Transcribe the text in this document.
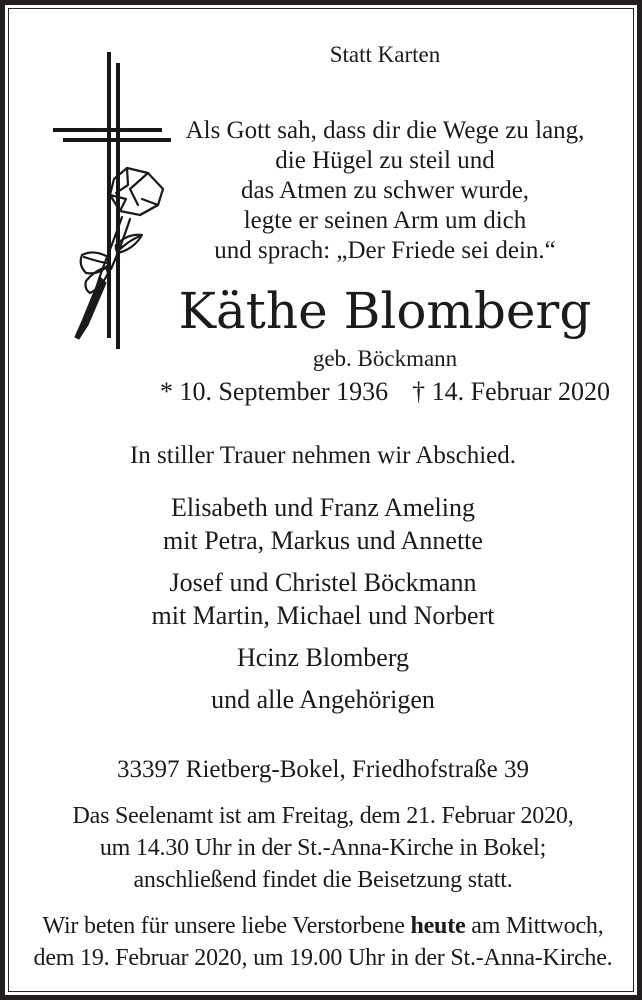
Statt Karten
Als Gott sah, dass dir die Wege zu lang,
die Hügel zu steil und
das Atmen zu schwer wurde,
legte er seinen Arm um dich
und sprach: „Der Friede sei dein.“
Käthe Blomberg
geb. Böckmann
* 10. September 1936 † 14. Februar 2020
In stiller Trauer nehmen wir Abschied.
Elisabeth und Franz Ameling
mit Petra, Markus und Annette
Josef und Christel Böckmann
mit Martin, Michael und Norbert
Hcinz Blomberg
und alle Angehörigen
33397 Rietberg-Bokel, Friedhofstraße 39
Das Seelenamt ist am Freitag, dem 21. Februar 2020,
um 14.30 Uhr in der St.-Anna-Kirche in Bokel;
anschließend findet die Beisetzung statt.
Wir beten für unsere liebe Verstorbene heute am Mittwoch,
dem 19. Februar 2020, um 19.00 Uhr in der St.-Anna-Kirche.
